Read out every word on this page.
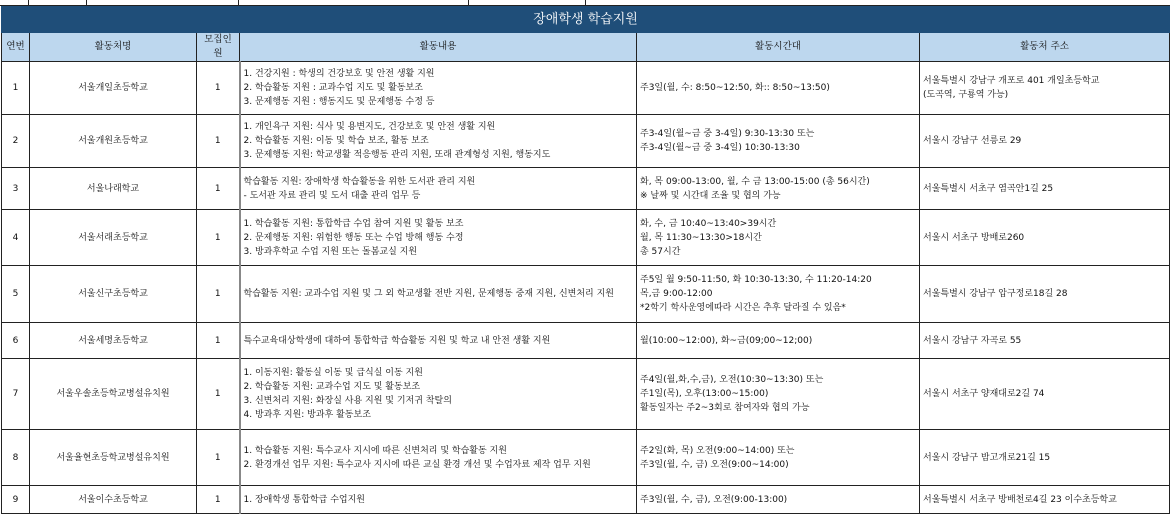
장애학생 학습지원					
연번	활동처명	모집인원	활동내용	활동시간대	활동처 주소
1	서울개일초등학교	1	1. 건강지원 : 학생의 건강보호 및 안전 생활 지원
2. 학습활동 지원 : 교과수업 지도 및 활동보조
3. 문제행동 지원 : 행동지도 및 문제행동 수정 등	주3일(월, 수: 8:50~12:50, 화:: 8:50~13:50)	서울특별시 강남구 개포로 401 개일초등학교
(도곡역, 구룡역 가능)
2	서울개원초등학교	1	1. 개인욕구 지원: 식사 및 용변지도, 건강보호 및 안전 생활 지원
2. 학습활동 지원: 이동 및 학습 보조, 활동 보조
3. 문제행동 지원: 학교생활 적응행동 관리 지원, 또래 관계형성 지원, 행동지도	주3-4일(월~금 중 3-4일) 9:30-13:30 또는
주3-4일(월~금 중 3-4일) 10:30-13:30	서울시 강남구 선릉로 29
3	서울나래학교	1	학습활동 지원: 장애학생 학습활동을 위한 도서관 관리 지원
- 도서관 자료 관리 및 도서 대출 관리 업무 등	화, 목 09:00-13:00, 월, 수 금 13:00-15:00 (총 56시간)
※ 날짜 및 시간대 조율 및 협의 가능	서울특별시 서초구 염곡안1길 25
4	서울서래초등학교	1	1. 학습활동 지원: 통합학급 수업 참여 지원 및 활동 보조
2. 문제행동 지원: 위험한 행동 또는 수업 방해 행동 수정
3. 방과후학교 수업 지원 또는 돌봄교실 지원	화, 수, 금 10:40~13:40>39시간
월, 목 11:30~13:30>18시간
총 57시간	서울시 서초구 방배로260
5	서울신구초등학교	1	학습활동 지원: 교과수업 지원 및 그 외 학교생활 전반 지원, 문제행동 중재 지원, 신변처리 지원	주5일 월 9:50-11:50, 화 10:30-13:30, 수 11:20-14:20
목,금 9:00-12:00
*2학기 학사운영에따라 시간은 추후 달라질 수 있음*	서울특별시 강남구 압구정로18길 28
6	서울세명초등학교	1	특수교육대상학생에 대하여 통합학급 학습활동 지원 및 학교 내 안전 생활 지원	월(10:00~12:00), 화~금(09;00~12;00)	서울시 강남구 자곡로 55
7	서울우솔초등학교병설유치원	1	1. 이동지원: 활동실 이동 및 급식실 이동 지원
2. 학습활동 지원: 교과수업 지도 및 활동보조
3. 신변처리 지원: 화장실 사용 지원 및 기저귀 착탈의
4. 방과후 지원: 방과후 활동보조	주4일(월,화,수,금), 오전(10:30~13:30) 또는
주1일(목), 오후(13:00~15:00)
활동일자는 주2~3회로 참여자와 협의 가능	서울시 서초구 양재대로2길 74
8	서울율현초등학교병설유치원	1	1. 학습활동 지원: 특수교사 지시에 따른 신변처리 및 학습활동 지원
2. 환경개선 업무 지원: 특수교사 지시에 따른 교실 환경 개선 및 수업자료 제작 업무 지원	주2일(화, 목) 오전(9:00~14:00) 또는
주3일(월, 수, 금) 오전(9:00~14:00)	서울시 강남구 밤고개로21길 15
9	서울이수초등학교	1	1. 장애학생 통합학급 수업지원	주3일(월, 수, 금), 오전(9:00-13:00)	서울특별시 서초구 방배천로4길 23 이수초등학교
